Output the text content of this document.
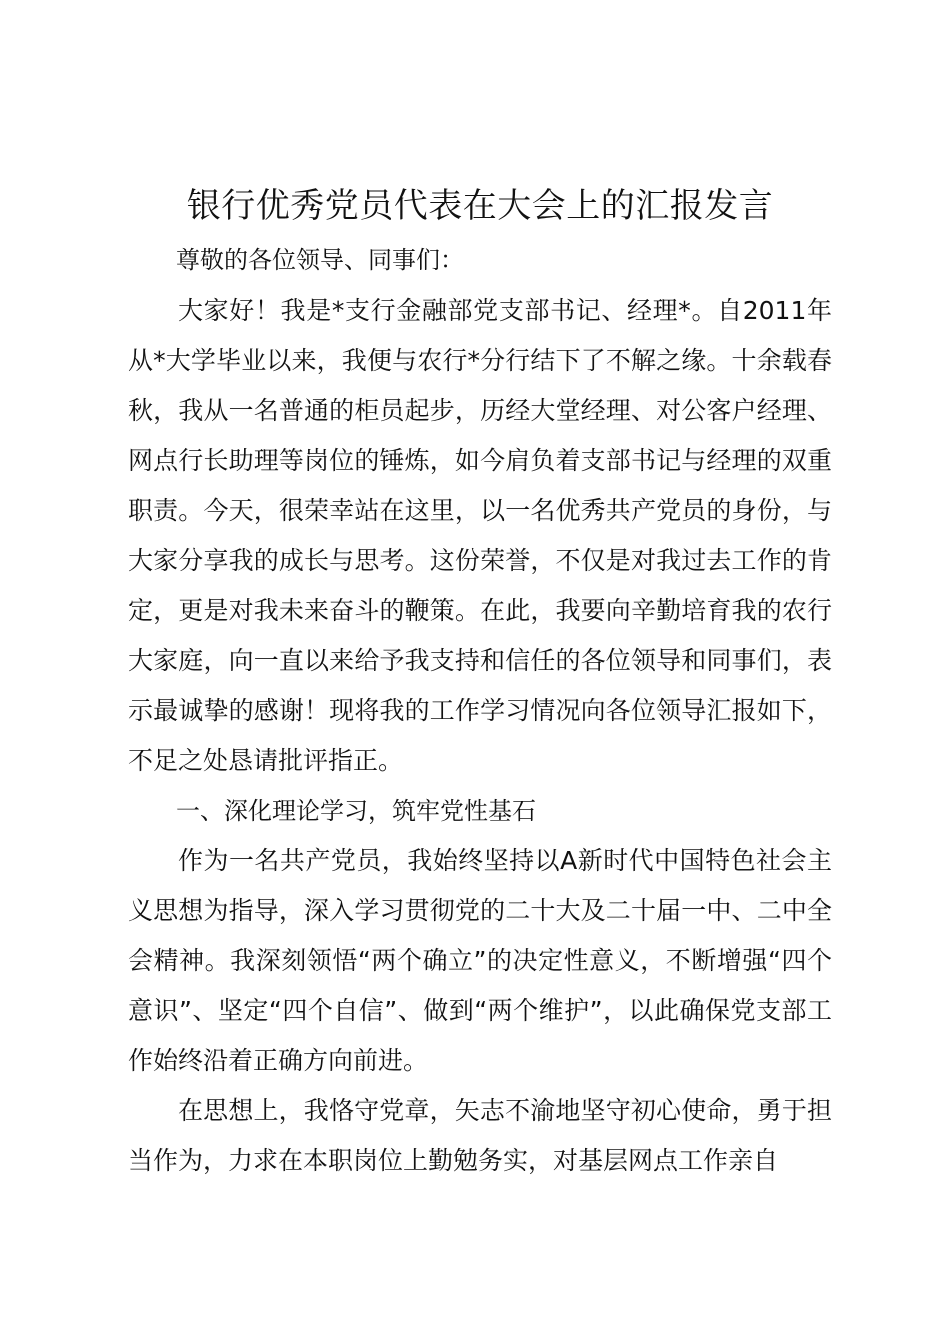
银行优秀党员代表在大会上的汇报发言

尊敬的各位领导、同事们：

大家好！我是*支行金融部党支部书记、经理*。自2011年从*大学毕业以来，我便与农行*分行结下了不解之缘。十余载春秋，我从一名普通的柜员起步，历经大堂经理、对公客户经理、网点行长助理等岗位的锤炼，如今肩负着支部书记与经理的双重职责。今天，很荣幸站在这里，以一名优秀共产党员的身份，与大家分享我的成长与思考。这份荣誉，不仅是对我过去工作的肯定，更是对我未来奋斗的鞭策。在此，我要向辛勤培育我的农行大家庭，向一直以来给予我支持和信任的各位领导和同事们，表示最诚挚的感谢！现将我的工作学习情况向各位领导汇报如下，不足之处恳请批评指正。

一、深化理论学习，筑牢党性基石

作为一名共产党员，我始终坚持以A新时代中国特色社会主义思想为指导，深入学习贯彻党的二十大及二十届一中、二中全会精神。我深刻领悟“两个确立”的决定性意义，不断增强“四个意识”、坚定“四个自信”、做到“两个维护”，以此确保党支部工作始终沿着正确方向前进。

在思想上，我恪守党章，矢志不渝地坚守初心使命，勇于担当作为，力求在本职岗位上勤勉务实，对基层网点工作亲自
